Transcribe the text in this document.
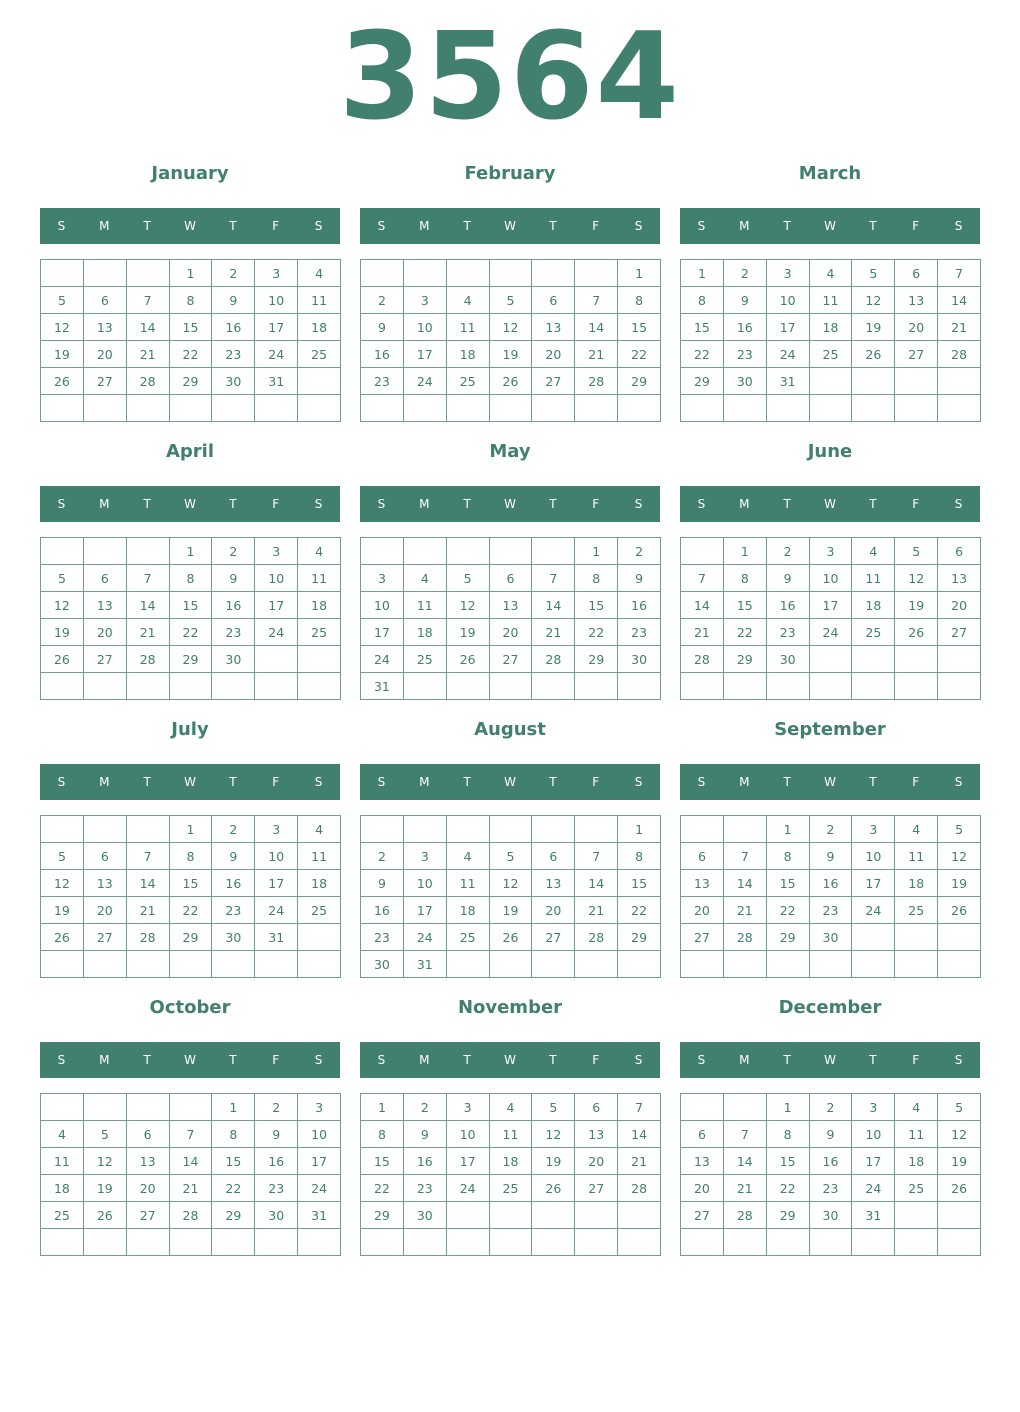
3564
January
S	M	T	W	T	F	S
			1	2	3	4
5	6	7	8	9	10	11
12	13	14	15	16	17	18
19	20	21	22	23	24	25
26	27	28	29	30	31	

February
S	M	T	W	T	F	S
						1
2	3	4	5	6	7	8
9	10	11	12	13	14	15
16	17	18	19	20	21	22
23	24	25	26	27	28	29

March
S	M	T	W	T	F	S
1	2	3	4	5	6	7
8	9	10	11	12	13	14
15	16	17	18	19	20	21
22	23	24	25	26	27	28
29	30	31				

April
S	M	T	W	T	F	S
			1	2	3	4
5	6	7	8	9	10	11
12	13	14	15	16	17	18
19	20	21	22	23	24	25
26	27	28	29	30		

May
S	M	T	W	T	F	S
					1	2
3	4	5	6	7	8	9
10	11	12	13	14	15	16
17	18	19	20	21	22	23
24	25	26	27	28	29	30
31						
June
S	M	T	W	T	F	S
	1	2	3	4	5	6
7	8	9	10	11	12	13
14	15	16	17	18	19	20
21	22	23	24	25	26	27
28	29	30				

July
S	M	T	W	T	F	S
			1	2	3	4
5	6	7	8	9	10	11
12	13	14	15	16	17	18
19	20	21	22	23	24	25
26	27	28	29	30	31	

August
S	M	T	W	T	F	S
						1
2	3	4	5	6	7	8
9	10	11	12	13	14	15
16	17	18	19	20	21	22
23	24	25	26	27	28	29
30	31					
September
S	M	T	W	T	F	S
		1	2	3	4	5
6	7	8	9	10	11	12
13	14	15	16	17	18	19
20	21	22	23	24	25	26
27	28	29	30			

October
S	M	T	W	T	F	S
				1	2	3
4	5	6	7	8	9	10
11	12	13	14	15	16	17
18	19	20	21	22	23	24
25	26	27	28	29	30	31

November
S	M	T	W	T	F	S
1	2	3	4	5	6	7
8	9	10	11	12	13	14
15	16	17	18	19	20	21
22	23	24	25	26	27	28
29	30					

December
S	M	T	W	T	F	S
		1	2	3	4	5
6	7	8	9	10	11	12
13	14	15	16	17	18	19
20	21	22	23	24	25	26
27	28	29	30	31		
